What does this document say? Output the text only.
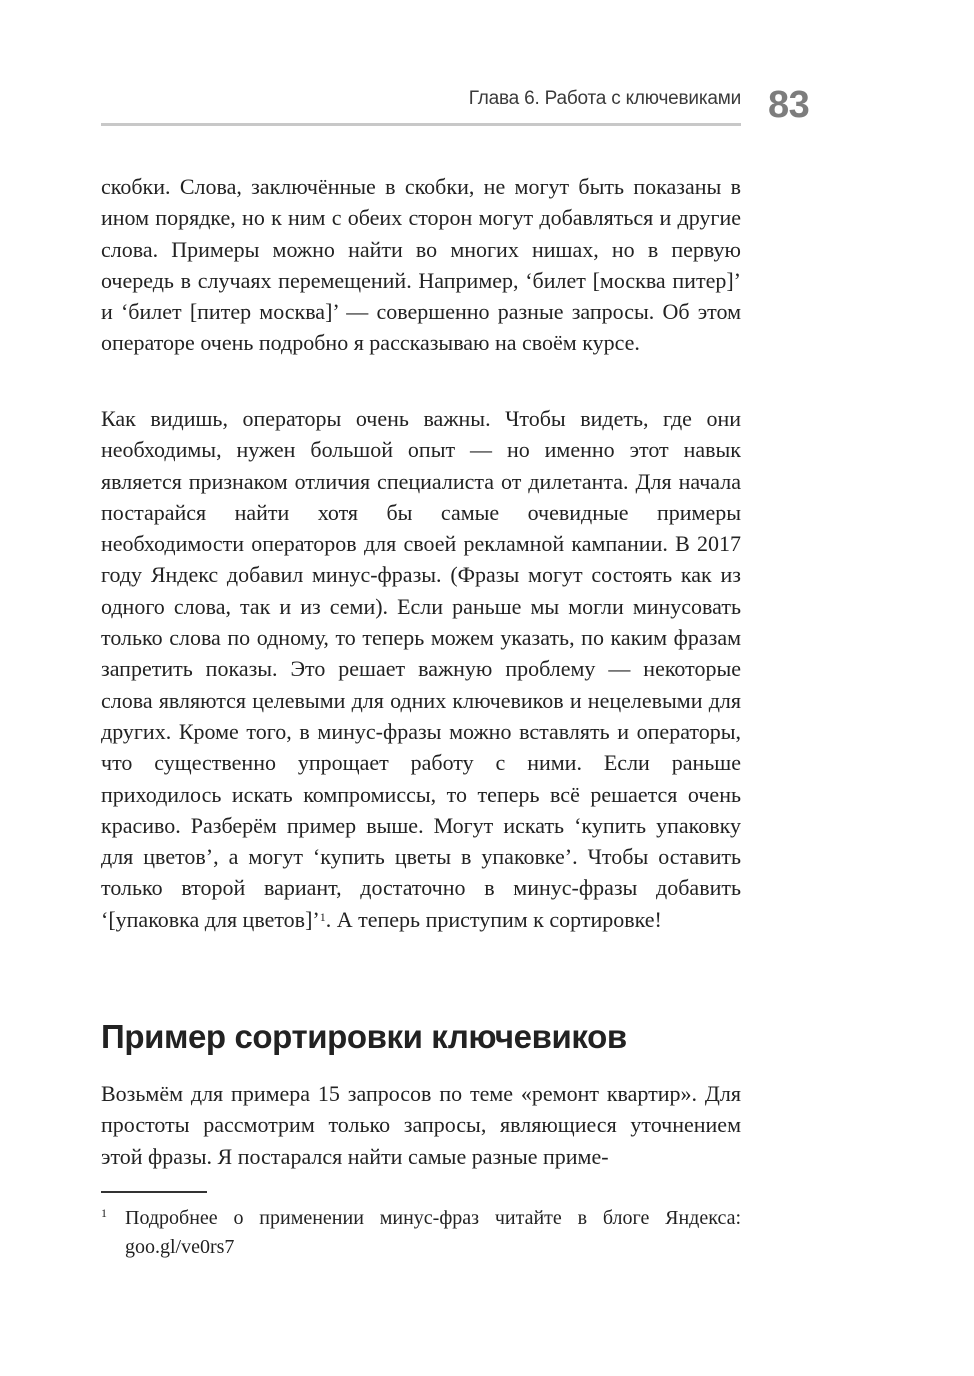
Глава 6. Работа с ключевиками 83

скобки. Слова, заключённые в скобки, не могут быть показаны в ином порядке, но к ним с обеих сторон могут добавляться и другие слова. Примеры можно найти во многих нишах, но в первую очередь в случаях перемещений. Например, ‘билет [москва питер]’ и ‘билет [питер москва]’ — совершенно разные запросы. Об этом операторе очень подробно я рассказываю на своём курсе.

Как видишь, операторы очень важны. Чтобы видеть, где они необходимы, нужен большой опыт — но именно этот навык является признаком отличия специалиста от дилетанта. Для начала постарайся найти хотя бы самые очевидные примеры необходимости операторов для своей рекламной кампании. В 2017 году Яндекс добавил минус-фразы. (Фразы могут состоять как из одного слова, так и из семи). Если раньше мы могли минусовать только слова по одному, то теперь можем указать, по каким фразам запретить показы. Это решает важную проблему — некоторые слова являются целевыми для одних ключевиков и нецелевыми для других. Кроме того, в минус-фразы можно вставлять и операторы, что существенно упрощает работу с ними. Если раньше приходилось искать компромиссы, то теперь всё решается очень красиво. Разберём пример выше. Могут искать ‘купить упаковку для цветов’, а могут ‘купить цветы в упаковке’. Чтобы оставить только второй вариант, достаточно в минус-фразы добавить ‘[упаковка для цветов]’$^1$. А теперь приступим к сортировке!

Пример сортировки ключевиков

Возьмём для примера 15 запросов по теме «ремонт квартир». Для простоты рассмотрим только запросы, являющиеся уточнением этой фразы. Я постарался найти самые разные приме-

1 Подробнее о применении минус-фраз читайте в блоге Яндекса: goo.gl/ve0rs7
